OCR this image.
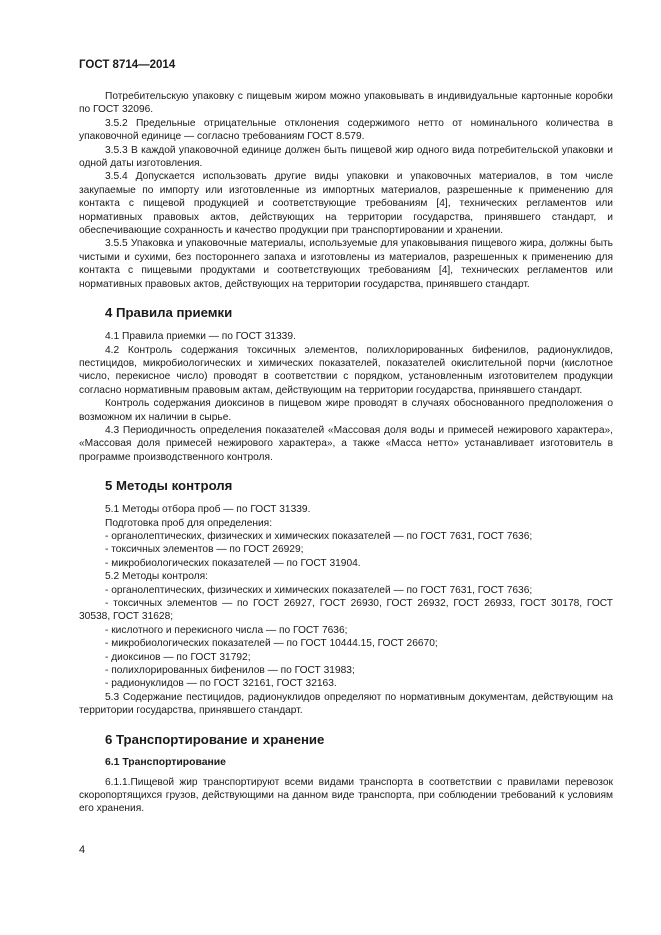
ГОСТ 8714—2014

Потребительскую упаковку с пищевым жиром можно упаковывать в индивидуальные картонные коробки по ГОСТ 32096.

3.5.2 Предельные отрицательные отклонения содержимого нетто от номинального количества в упаковочной единице — согласно требованиям ГОСТ 8.579.

3.5.3 В каждой упаковочной единице должен быть пищевой жир одного вида потребительской упаковки и одной даты изготовления.

3.5.4 Допускается использовать другие виды упаковки и упаковочных материалов, в том числе закупаемые по импорту или изготовленные из импортных материалов, разрешенные к применению для контакта с пищевой продукцией и соответствующие требованиям [4], технических регламентов или нормативных правовых актов, действующих на территории государства, принявшего стандарт, и обеспечивающие сохранность и качество продукции при транспортировании и хранении.

3.5.5 Упаковка и упаковочные материалы, используемые для упаковывания пищевого жира, должны быть чистыми и сухими, без постороннего запаха и изготовлены из материалов, разрешенных к применению для контакта с пищевыми продуктами и соответствующих требованиям [4], технических регламентов или нормативных правовых актов, действующих на территории государства, принявшего стандарт.

4 Правила приемки

4.1 Правила приемки — по ГОСТ 31339.

4.2 Контроль содержания токсичных элементов, полихлорированных бифенилов, радионуклидов, пестицидов, микробиологических и химических показателей, показателей окислительной порчи (кислотное число, перекисное число) проводят в соответствии с порядком, установленным изготовителем продукции согласно нормативным правовым актам, действующим на территории государства, принявшего стандарт.

Контроль содержания диоксинов в пищевом жире проводят в случаях обоснованного предположения о возможном их наличии в сырье.

4.3 Периодичность определения показателей «Массовая доля воды и примесей нежирового характера», «Массовая доля примесей нежирового характера», а также «Масса нетто» устанавливает изготовитель в программе производственного контроля.

5 Методы контроля

5.1 Методы отбора проб — по ГОСТ 31339.

Подготовка проб для определения:

- органолептических, физических и химических показателей — по ГОСТ 7631, ГОСТ 7636;

- токсичных элементов — по ГОСТ 26929;

- микробиологических показателей — по ГОСТ 31904.

5.2 Методы контроля:

- органолептических, физических и химических показателей — по ГОСТ 7631, ГОСТ 7636;

- токсичных элементов — по ГОСТ 26927, ГОСТ 26930, ГОСТ 26932, ГОСТ 26933, ГОСТ 30178, ГОСТ 30538, ГОСТ 31628;

- кислотного и перекисного числа — по ГОСТ 7636;

- микробиологических показателей — по ГОСТ 10444.15, ГОСТ 26670;

- диоксинов — по ГОСТ 31792;

- полихлорированных бифенилов — по ГОСТ 31983;

- радионуклидов — по ГОСТ 32161, ГОСТ 32163.

5.3 Содержание пестицидов, радионуклидов определяют по нормативным документам, действующим на территории государства, принявшего стандарт.

6 Транспортирование и хранение
6.1 Транспортирование

6.1.1.Пищевой жир транспортируют всеми видами транспорта в соответствии с правилами перевозок скоропортящихся грузов, действующими на данном виде транспорта, при соблюдении требований к условиям его хранения.

4
